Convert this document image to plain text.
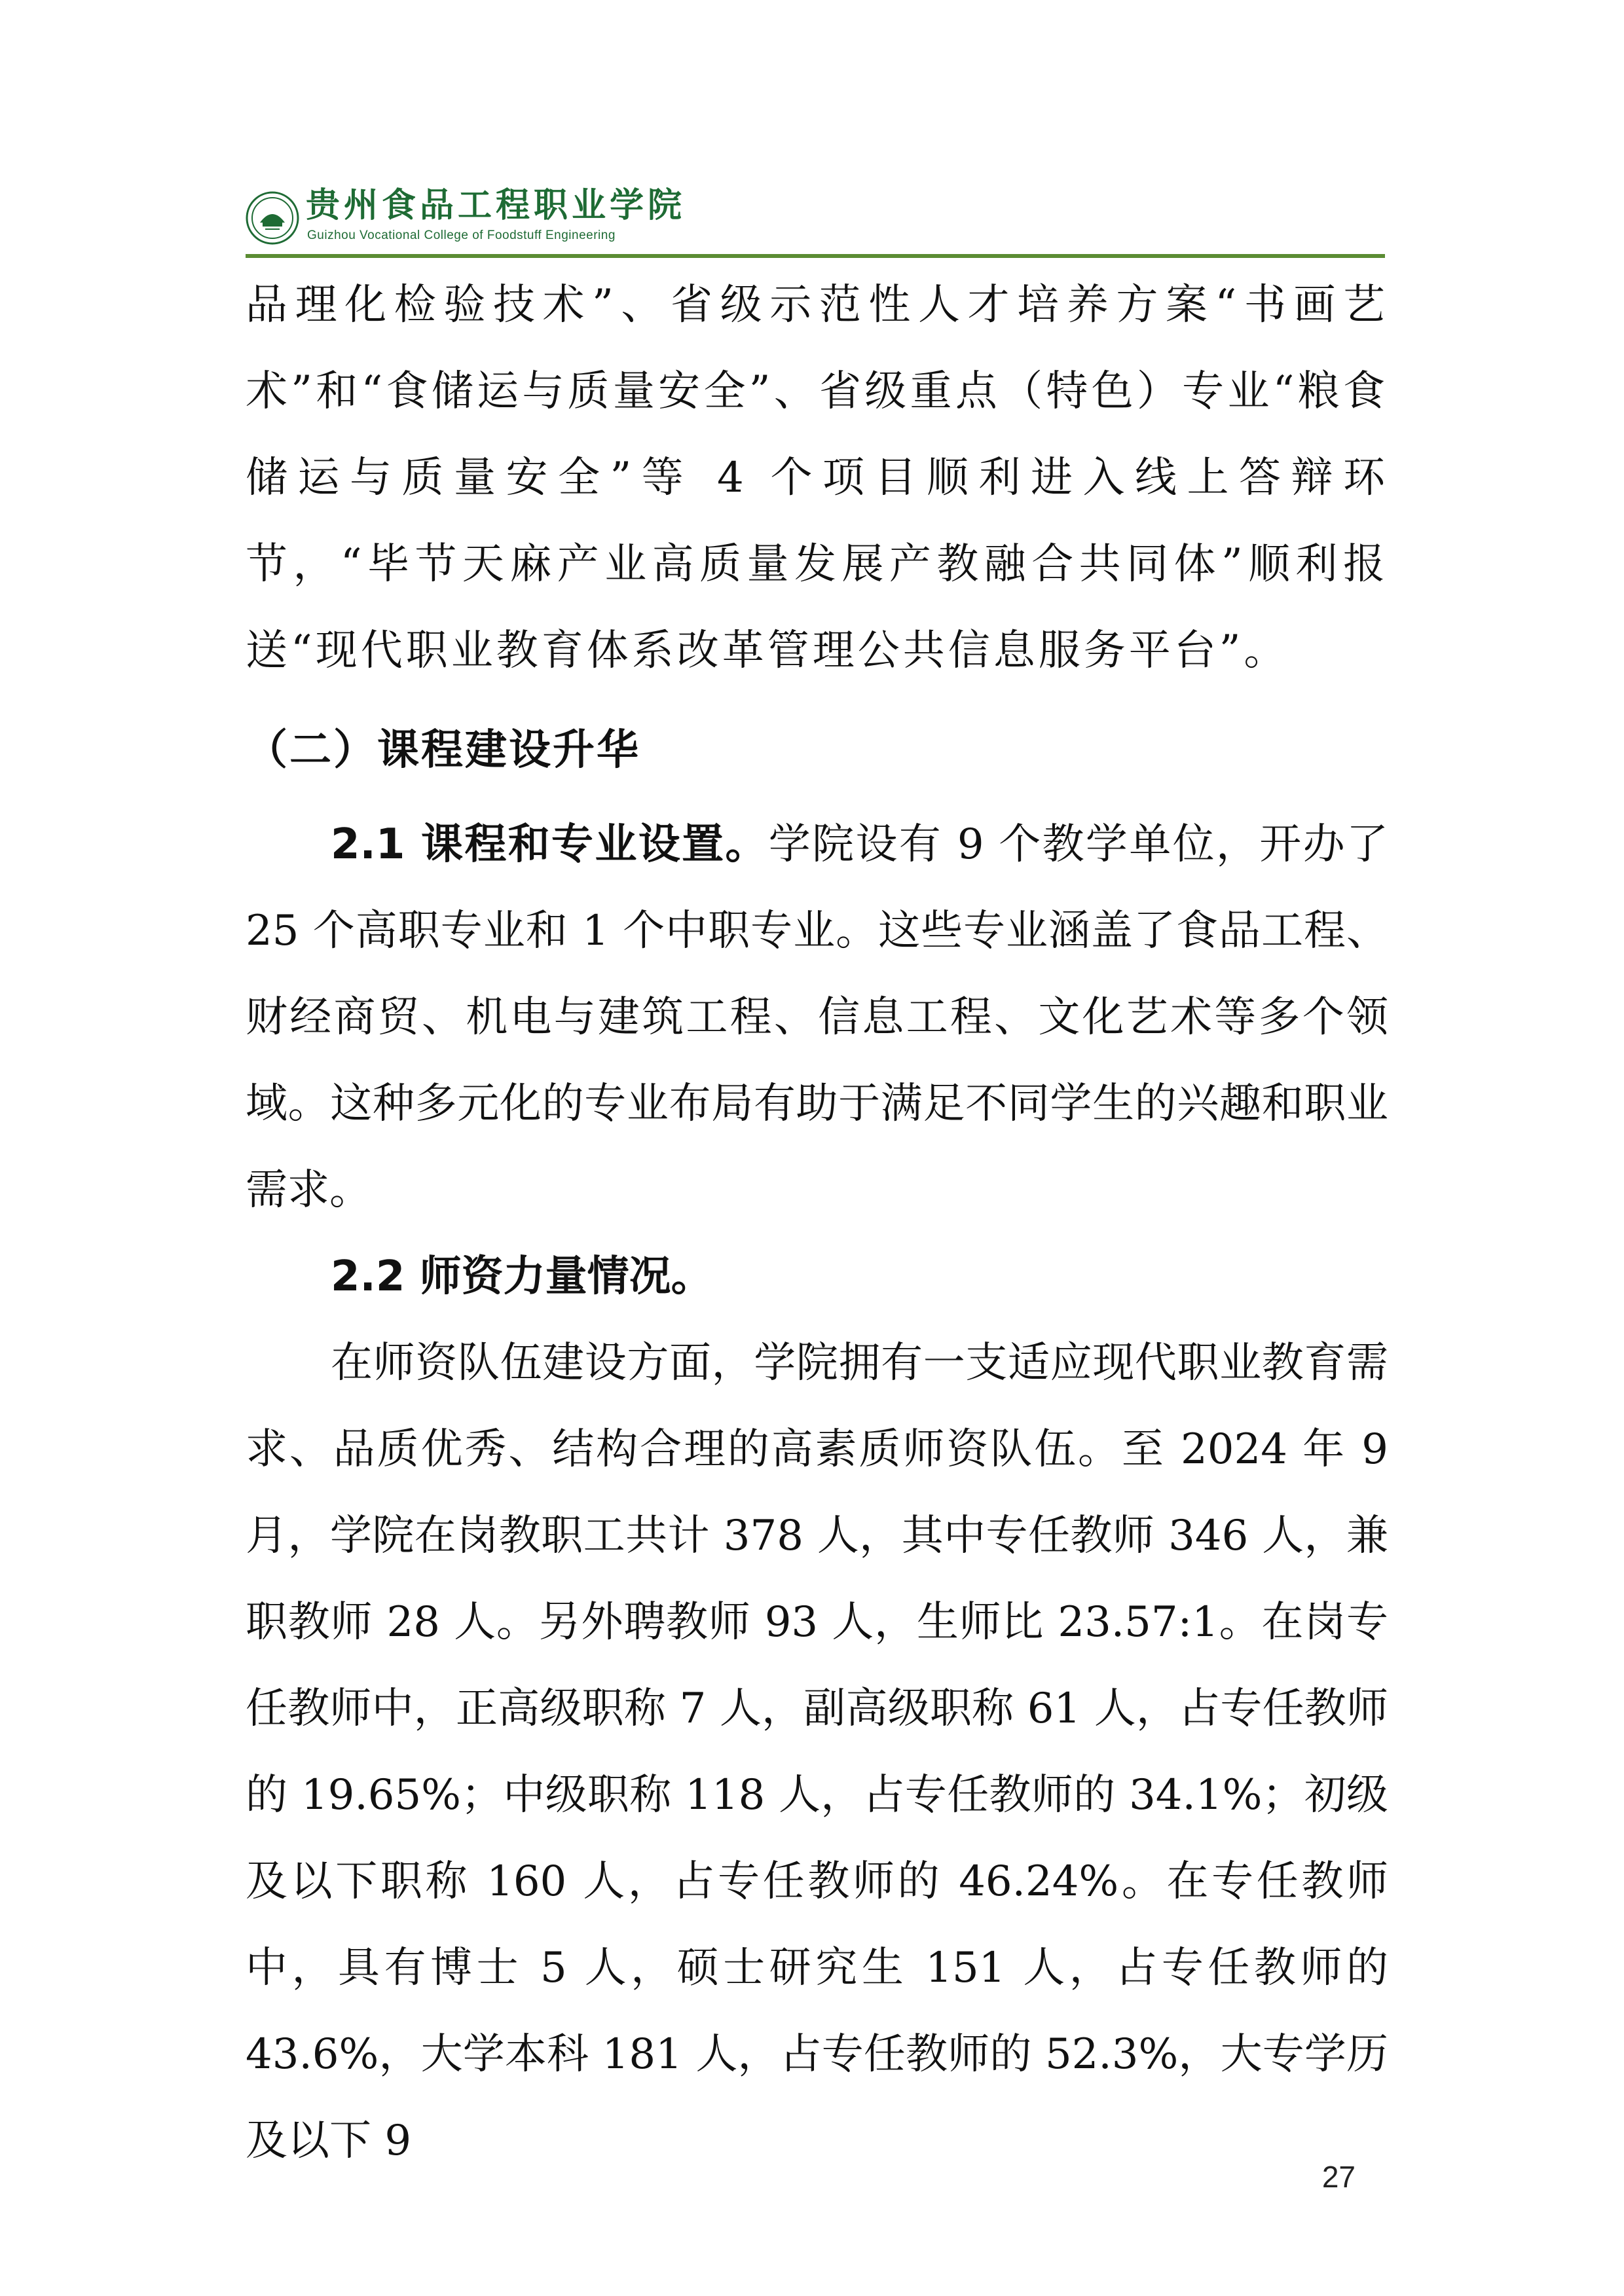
贵州食品工程职业学院
Guizhou Vocational College of Foodstuff Engineering

品理化检验技术”、省级示范性人才培养方案“书画艺术”和“食储运与质量安全”、省级重点（特色）专业“粮食储运与质量安全”等 4 个项目顺利进入线上答辩环节，“毕节天麻产业高质量发展产教融合共同体”顺利报送“现代职业教育体系改革管理公共信息服务平台”。

（二）课程建设升华

2.1 课程和专业设置。学院设有 9 个教学单位，开办了 25 个高职专业和 1 个中职专业。这些专业涵盖了食品工程、财经商贸、机电与建筑工程、信息工程、文化艺术等多个领域。这种多元化的专业布局有助于满足不同学生的兴趣和职业需求。

2.2 师资力量情况。

在师资队伍建设方面，学院拥有一支适应现代职业教育需求、品质优秀、结构合理的高素质师资队伍。至 2024 年 9 月，学院在岗教职工共计 378 人，其中专任教师 346 人，兼职教师 28 人。另外聘教师 93 人，生师比 23.57:1。在岗专任教师中，正高级职称 7 人，副高级职称 61 人，占专任教师的 19.65%；中级职称 118 人，占专任教师的 34.1%；初级及以下职称 160 人，占专任教师的 46.24%。在专任教师中，具有博士 5 人，硕士研究生 151 人，占专任教师的 43.6%，大学本科 181 人，占专任教师的 52.3%，大专学历及以下 9

27
